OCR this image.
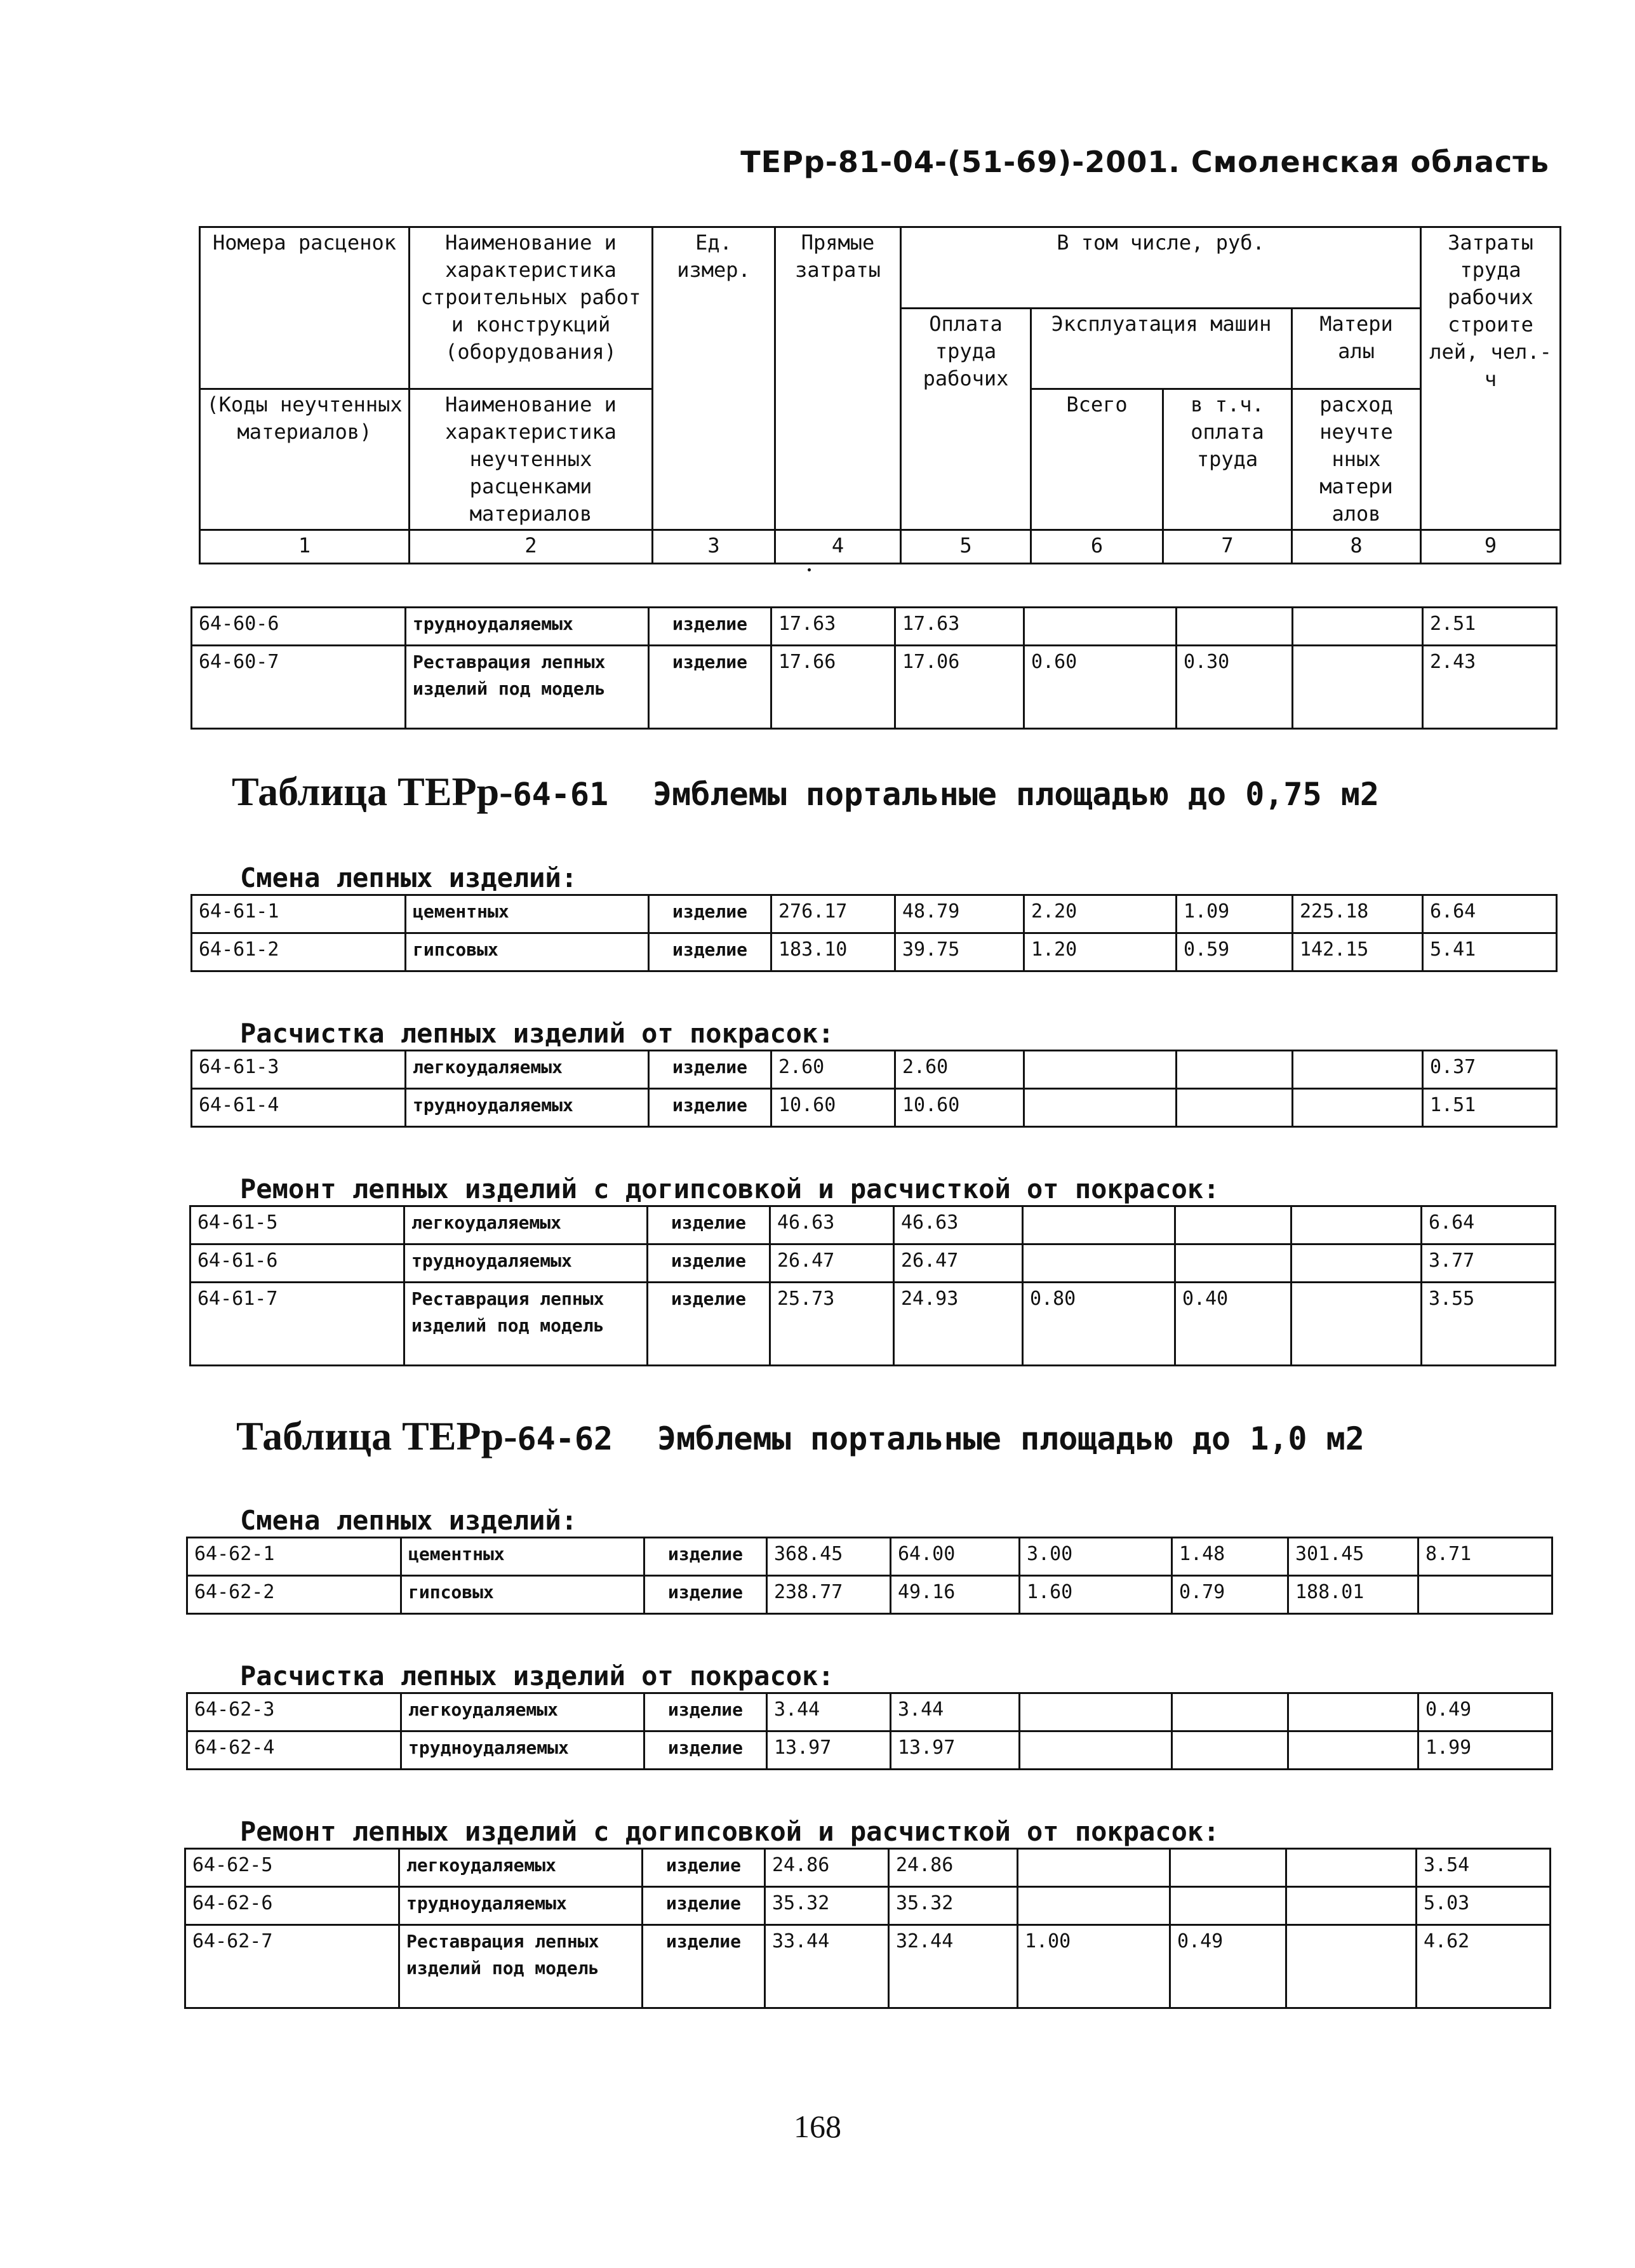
ТЕРр-81-04-(51-69)-2001. Смоленская область
Номера расценок	Наименование и характеристика строительных работ и конструкций (оборудования)	Ед. измер.	Прямые затраты	В том числе, руб.				Затраты труда рабочих строите лей, чел.-ч
				Оплата труда рабочих	Эксплуатация машин		Матери алы	
(Коды неучтенных материалов)	Наименование и характеристика неучтенных расценками материалов				Всего	в т.ч. оплата труда	расход неучте нных матери алов	
1	2	3	4	5	6	7	8	9
64-60-6	трудноудаляемых	изделие	17.63	17.63				2.51
64-60-7	Реставрация лепных изделий под модель	изделие	17.66	17.06	0.60	0.30		2.43
Таблица ТЕРр-64-61 Эмблемы портальные площадью до 0,75 м2
Смена лепных изделий:
64-61-1	цементных	изделие	276.17	48.79	2.20	1.09	225.18	6.64
64-61-2	гипсовых	изделие	183.10	39.75	1.20	0.59	142.15	5.41
Расчистка лепных изделий от покрасок:
64-61-3	легкоудаляемых	изделие	2.60	2.60				0.37
64-61-4	трудноудаляемых	изделие	10.60	10.60				1.51
Ремонт лепных изделий с догипсовкой и расчисткой от покрасок:
64-61-5	легкоудаляемых	изделие	46.63	46.63				6.64
64-61-6	трудноудаляемых	изделие	26.47	26.47				3.77
64-61-7	Реставрация лепных изделий под модель	изделие	25.73	24.93	0.80	0.40		3.55
Таблица ТЕРр-64-62 Эмблемы портальные площадью до 1,0 м2
Смена лепных изделий:
64-62-1	цементных	изделие	368.45	64.00	3.00	1.48	301.45	8.71
64-62-2	гипсовых	изделие	238.77	49.16	1.60	0.79	188.01	
Расчистка лепных изделий от покрасок:
64-62-3	легкоудаляемых	изделие	3.44	3.44				0.49
64-62-4	трудноудаляемых	изделие	13.97	13.97				1.99
Ремонт лепных изделий с догипсовкой и расчисткой от покрасок:
64-62-5	легкоудаляемых	изделие	24.86	24.86				3.54
64-62-6	трудноудаляемых	изделие	35.32	35.32				5.03
64-62-7	Реставрация лепных изделий под модель	изделие	33.44	32.44	1.00	0.49		4.62
168
